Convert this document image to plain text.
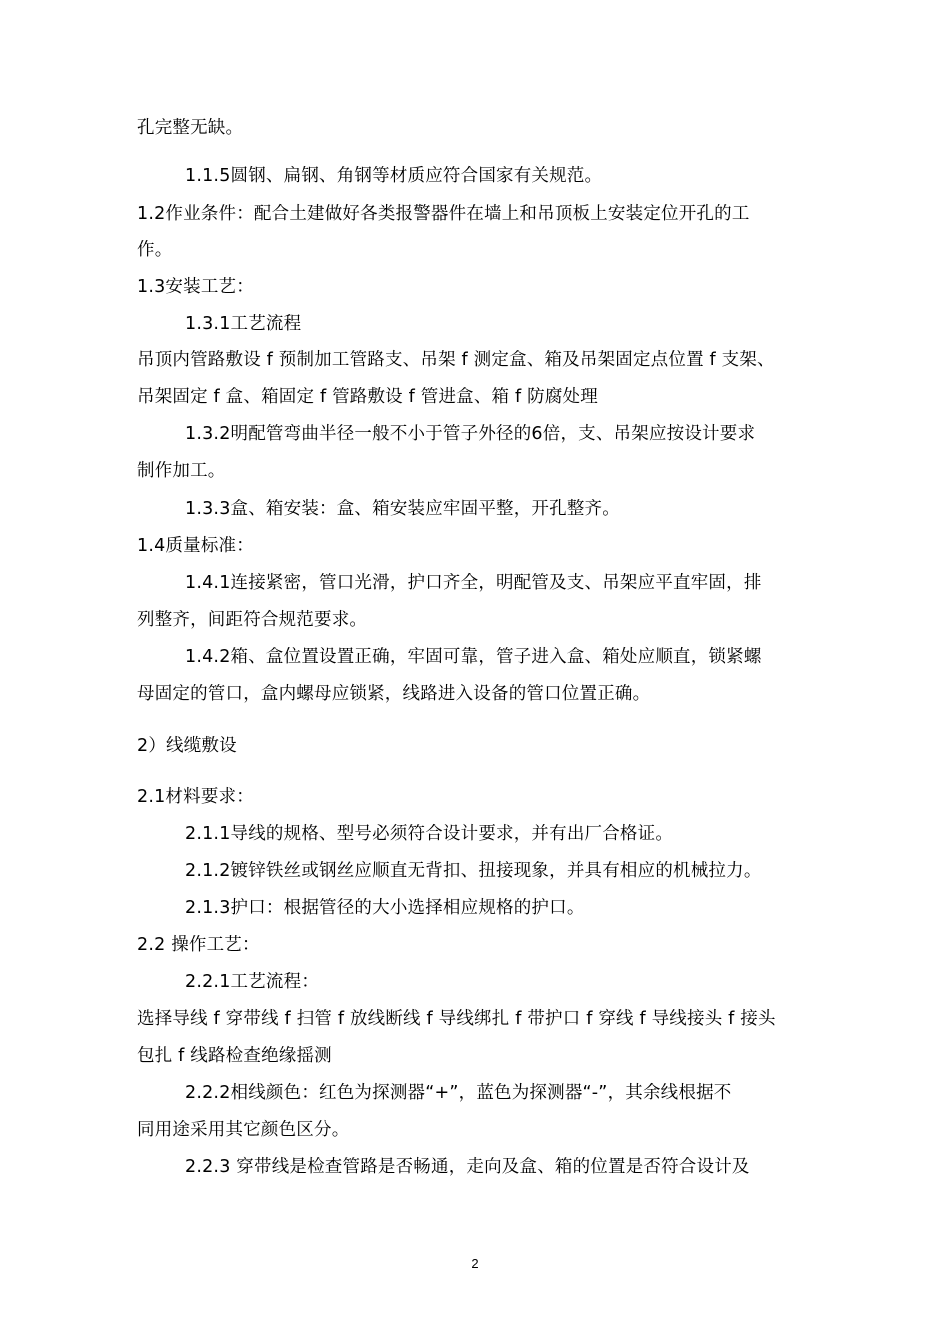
孔完整无缺。
1.1.5圆钢、扁钢、角钢等材质应符合国家有关规范。
1.2作业条件：配合土建做好各类报警器件在墙上和吊顶板上安装定位开孔的工
作。
1.3安装工艺：
1.3.1工艺流程
吊顶内管路敷设 f 预制加工管路支、吊架 f 测定盒、箱及吊架固定点位置 f 支架、
吊架固定 f 盒、箱固定 f 管路敷设 f 管进盒、箱 f 防腐处理
1.3.2明配管弯曲半径一般不小于管子外径的6倍，支、吊架应按设计要求
制作加工。
1.3.3盒、箱安装：盒、箱安装应牢固平整，开孔整齐。
1.4质量标准：
1.4.1连接紧密，管口光滑，护口齐全，明配管及支、吊架应平直牢固，排
列整齐，间距符合规范要求。
1.4.2箱、盒位置设置正确，牢固可靠，管子进入盒、箱处应顺直，锁紧螺
母固定的管口，盒内螺母应锁紧，线路进入设备的管口位置正确。
2）线缆敷设
2.1材料要求：
2.1.1导线的规格、型号必须符合设计要求，并有出厂合格证。
2.1.2镀锌铁丝或钢丝应顺直无背扣、扭接现象，并具有相应的机械拉力。
2.1.3护口：根据管径的大小选择相应规格的护口。
2.2 操作工艺：
2.2.1工艺流程：
选择导线 f 穿带线 f 扫管 f 放线断线 f 导线绑扎 f 带护口 f 穿线 f 导线接头 f 接头
包扎 f 线路检查绝缘摇测
2.2.2相线颜色：红色为探测器“+”，蓝色为探测器“-”，其余线根据不
同用途采用其它颜色区分。
2.2.3 穿带线是检查管路是否畅通，走向及盒、箱的位置是否符合设计及
2
